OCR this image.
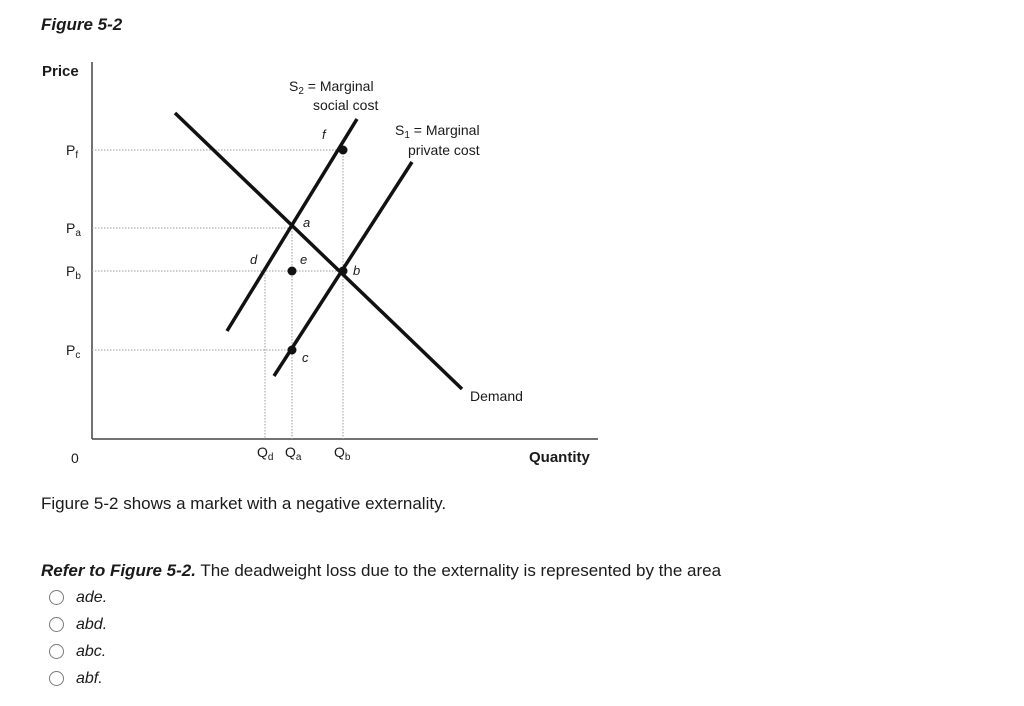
Figure 5-2
Price
Quantity
0
$P_f$
$P_a$
$P_b$
$P_c$
$Q_d$ $Q_a$ $Q_b$
f
a
d	e
b
c
$S_2$ = Marginal
social cost
$S_1$ = Marginal
private cost
Demand
Figure 5-2 shows a market with a negative externality.
Refer to Figure 5-2. The deadweight loss due to the externality is represented by the area
ade.
abd.
abc.
abf.
